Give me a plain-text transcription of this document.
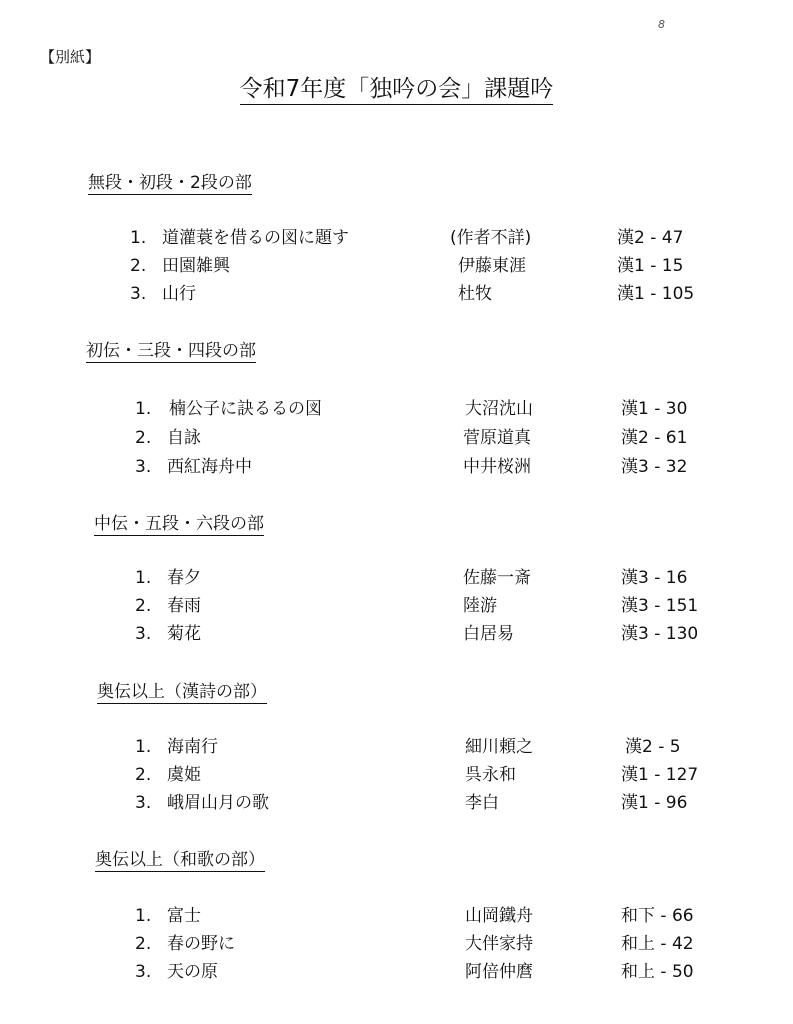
8
【別紙】
令和7年度「独吟の会」課題吟
無段・初段・2段の部
1. 道灌蓑を借るの図に題す	(作者不詳)	漢2 - 47
2. 田園雑興	伊藤東涯	漢1 - 15
3. 山行	杜牧	漢1 - 105
初伝・三段・四段の部
1. 楠公子に訣るるの図	大沼沈山	漢1 - 30
2. 自詠	菅原道真	漢2 - 61
3. 西紅海舟中	中井桜洲	漢3 - 32
中伝・五段・六段の部
1. 春夕	佐藤一斎	漢3 - 16
2. 春雨	陸游	漢3 - 151
3. 菊花	白居易	漢3 - 130
奥伝以上（漢詩の部）
1. 海南行	細川頼之	漢2 - 5
2. 虞姫	呉永和	漢1 - 127
3. 峨眉山月の歌	李白	漢1 - 96
奥伝以上（和歌の部）
1. 富士	山岡鐵舟	和下 - 66
2. 春の野に	大伴家持	和上 - 42
3. 天の原	阿倍仲麿	和上 - 50
